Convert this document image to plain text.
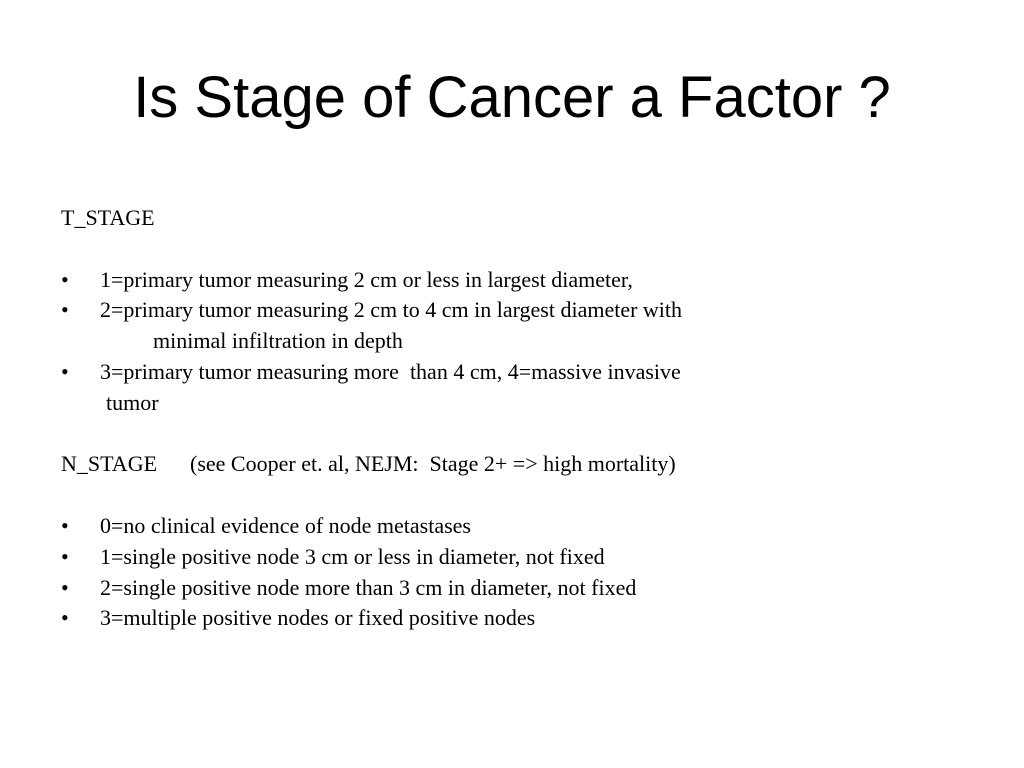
Is Stage of Cancer a Factor ?
T_STAGE

•

1=primary tumor measuring 2 cm or less in largest diameter,

•

2=primary tumor measuring 2 cm to 4 cm in largest diameter with

minimal infiltration in depth

•

3=primary tumor measuring more  than 4 cm, 4=massive invasive

tumor
N_STAGE (see Cooper et. al, NEJM:  Stage 2+ => high mortality)

•

0=no clinical evidence of node metastases

•

1=single positive node 3 cm or less in diameter, not fixed

•

2=single positive node more than 3 cm in diameter, not fixed

•

3=multiple positive nodes or fixed positive nodes
